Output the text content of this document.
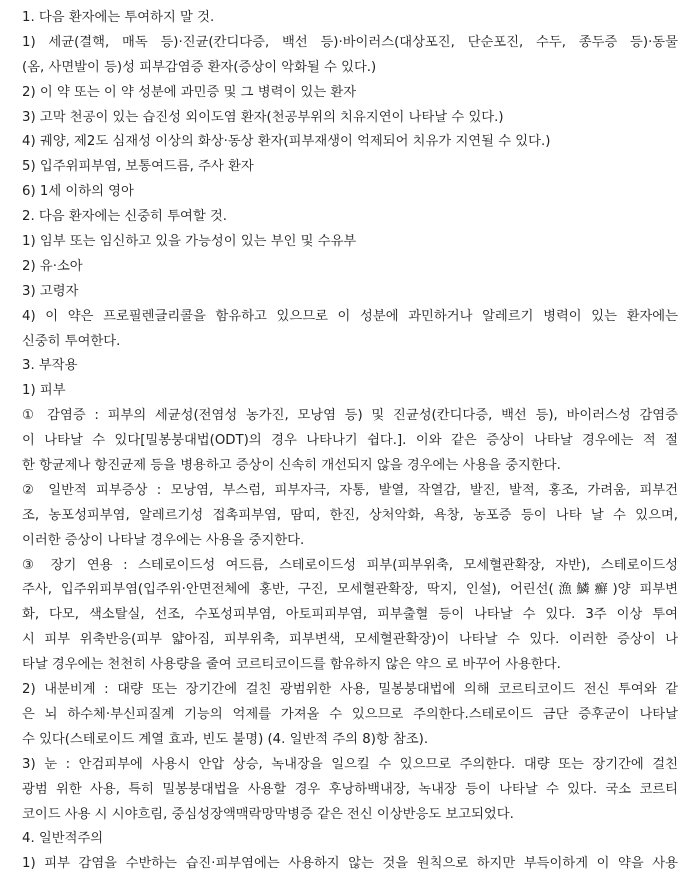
1. 다음 환자에는 투여하지 말 것.
1) 세균(결핵, 매독 등)·진균(칸디다증, 백선 등)·바이러스(대상포진, 단순포진, 수두, 종두증 등)·동물
(옴, 사면발이 등)성 피부감염증 환자(증상이 악화될 수 있다.)
2) 이 약 또는 이 약 성분에 과민증 및 그 병력이 있는 환자
3) 고막 천공이 있는 습진성 외이도염 환자(천공부위의 치유지연이 나타날 수 있다.)
4) 궤양, 제2도 심재성 이상의 화상·동상 환자(피부재생이 억제되어 치유가 지연될 수 있다.)
5) 입주위피부염, 보통여드름, 주사 환자
6) 1세 이하의 영아
2. 다음 환자에는 신중히 투여할 것.
1) 임부 또는 임신하고 있을 가능성이 있는 부인 및 수유부
2) 유·소아
3) 고령자
4) 이 약은 프로필렌글리콜을 함유하고 있으므로 이 성분에 과민하거나 알레르기 병력이 있는 환자에는
신중히 투여한다.
3. 부작용
1) 피부
① 감염증 : 피부의 세균성(전염성 농가진, 모낭염 등) 및 진균성(칸디다증, 백선 등), 바이러스성 감염증
이 나타날 수 있다[밀봉붕대법(ODT)의 경우 나타나기 쉽다.]. 이와 같은 증상이 나타날 경우에는 적 절
한 항균제나 항진균제 등을 병용하고 증상이 신속히 개선되지 않을 경우에는 사용을 중지한다.
② 일반적 피부증상 : 모낭염, 부스럼, 피부자극, 자통, 발열, 작열감, 발진, 발적, 홍조, 가려움, 피부건
조, 농포성피부염, 알레르기성 접촉피부염, 땀띠, 한진, 상처악화, 욕창, 농포증 등이 나타 날 수 있으며,
이러한 증상이 나타날 경우에는 사용을 중지한다.
③ 장기 연용 : 스테로이드성 여드름, 스테로이드성 피부(피부위축, 모세혈관확장, 자반), 스테로이드성
주사, 입주위피부염(입주위·안면전체에 홍반, 구진, 모세혈관확장, 딱지, 인설), 어린선(漁鱗癬)양 피부변
화, 다모, 색소탈실, 선조, 수포성피부염, 아토피피부염, 피부출혈 등이 나타날 수 있다. 3주 이상 투여
시 피부 위축반응(피부 얇아짐, 피부위축, 피부변색, 모세혈관확장)이 나타날 수 있다. 이러한 증상이 나
타날 경우에는 천천히 사용량을 줄여 코르티코이드를 함유하지 않은 약으 로 바꾸어 사용한다.
2) 내분비계 : 대량 또는 장기간에 걸친 광범위한 사용, 밀봉붕대법에 의해 코르티코이드 전신 투여와 같
은 뇌 하수체·부신피질계 기능의 억제를 가져올 수 있으므로 주의한다.스테로이드 금단 증후군이 나타날
수 있다(스테로이드 계열 효과, 빈도 불명) (4. 일반적 주의 8)항 참조).
3) 눈 : 안검피부에 사용시 안압 상승, 녹내장을 일으킬 수 있으므로 주의한다. 대량 또는 장기간에 걸친
광범 위한 사용, 특히 밀봉붕대법을 사용할 경우 후낭하백내장, 녹내장 등이 나타날 수 있다. 국소 코르티
코이드 사용 시 시야흐림, 중심성장액맥락망막병증 같은 전신 이상반응도 보고되었다.
4. 일반적주의
1) 피부 감염을 수반하는 습진·피부염에는 사용하지 않는 것을 원칙으로 하지만 부득이하게 이 약을 사용
